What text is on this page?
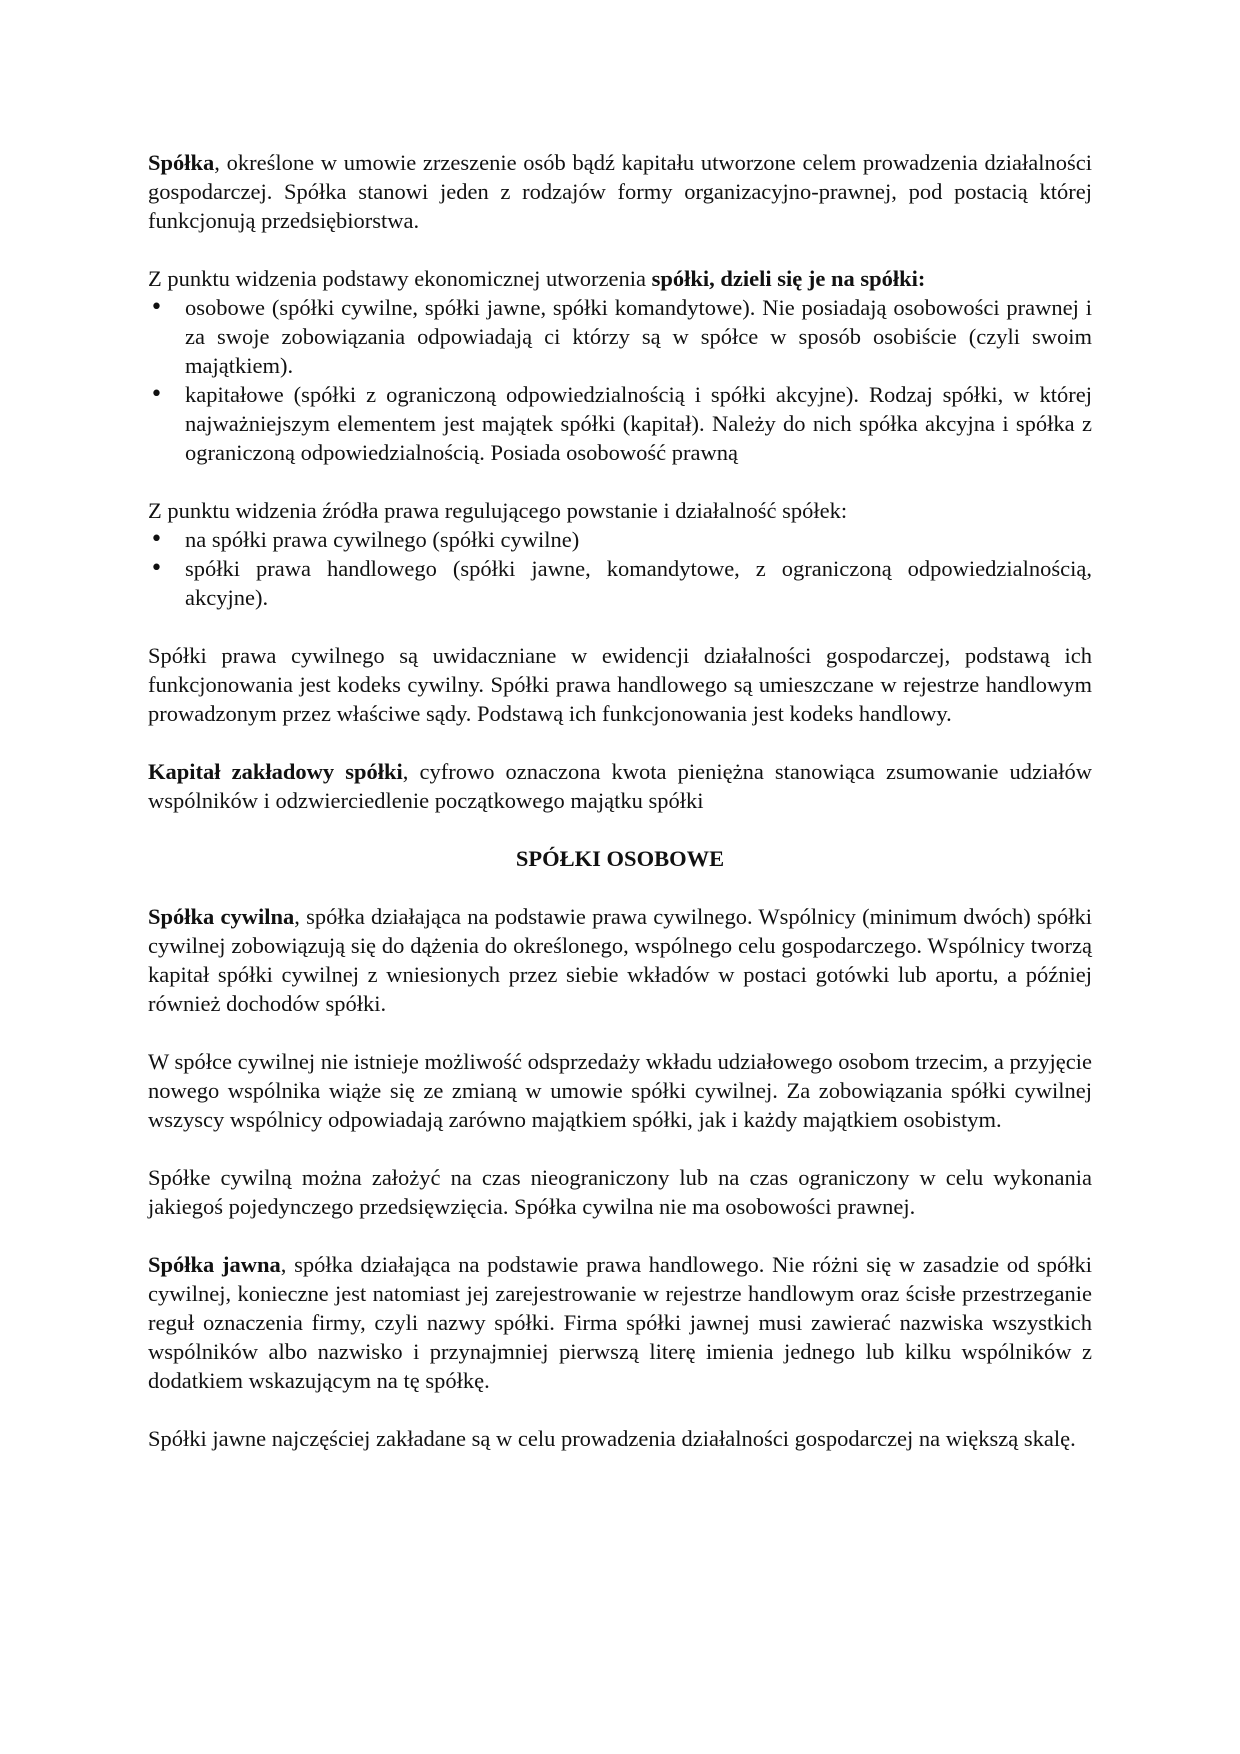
Spółka, określone w umowie zrzeszenie osób bądź kapitału utworzone celem prowadzenia działalności gospodarczej. Spółka stanowi jeden z rodzajów formy organizacyjno-prawnej, pod postacią której funkcjonują przedsiębiorstwa.

Z punktu widzenia podstawy ekonomicznej utworzenia spółki, dzieli się je na spółki:

• osobowe (spółki cywilne, spółki jawne, spółki komandytowe). Nie posiadają osobowości prawnej i za swoje zobowiązania odpowiadają ci którzy są w spółce w sposób osobiście (czyli swoim majątkiem).
• kapitałowe (spółki z ograniczoną odpowiedzialnością i spółki akcyjne). Rodzaj spółki, w której najważniejszym elementem jest majątek spółki (kapitał). Należy do nich spółka akcyjna i spółka z ograniczoną odpowiedzialnością. Posiada osobowość prawną

Z punktu widzenia źródła prawa regulującego powstanie i działalność spółek:

• na spółki prawa cywilnego (spółki cywilne)
• spółki prawa handlowego (spółki jawne, komandytowe, z ograniczoną odpowiedzialnością, akcyjne).

Spółki prawa cywilnego są uwidaczniane w ewidencji działalności gospodarczej, podstawą ich funkcjonowania jest kodeks cywilny. Spółki prawa handlowego są umieszczane w rejestrze handlowym prowadzonym przez właściwe sądy. Podstawą ich funkcjonowania jest kodeks handlowy.

Kapitał zakładowy spółki, cyfrowo oznaczona kwota pieniężna stanowiąca zsumowanie udziałów wspólników i odzwierciedlenie początkowego majątku spółki

SPÓŁKI OSOBOWE

Spółka cywilna, spółka działająca na podstawie prawa cywilnego. Wspólnicy (minimum dwóch) spółki cywilnej zobowiązują się do dążenia do określonego, wspólnego celu gospodarczego. Wspólnicy tworzą kapitał spółki cywilnej z wniesionych przez siebie wkładów w postaci gotówki lub aportu, a później również dochodów spółki.

W spółce cywilnej nie istnieje możliwość odsprzedaży wkładu udziałowego osobom trzecim, a przyjęcie nowego wspólnika wiąże się ze zmianą w umowie spółki cywilnej. Za zobowiązania spółki cywilnej wszyscy wspólnicy odpowiadają zarówno majątkiem spółki, jak i każdy majątkiem osobistym.

Spółke cywilną można założyć na czas nieograniczony lub na czas ograniczony w celu wykonania jakiegoś pojedynczego przedsięwzięcia. Spółka cywilna nie ma osobowości prawnej.

Spółka jawna, spółka działająca na podstawie prawa handlowego. Nie różni się w zasadzie od spółki cywilnej, konieczne jest natomiast jej zarejestrowanie w rejestrze handlowym oraz ścisłe przestrzeganie reguł oznaczenia firmy, czyli nazwy spółki. Firma spółki jawnej musi zawierać nazwiska wszystkich wspólników albo nazwisko i przynajmniej pierwszą literę imienia jednego lub kilku wspólników z dodatkiem wskazującym na tę spółkę.

Spółki jawne najczęściej zakładane są w celu prowadzenia działalności gospodarczej na większą skalę.
